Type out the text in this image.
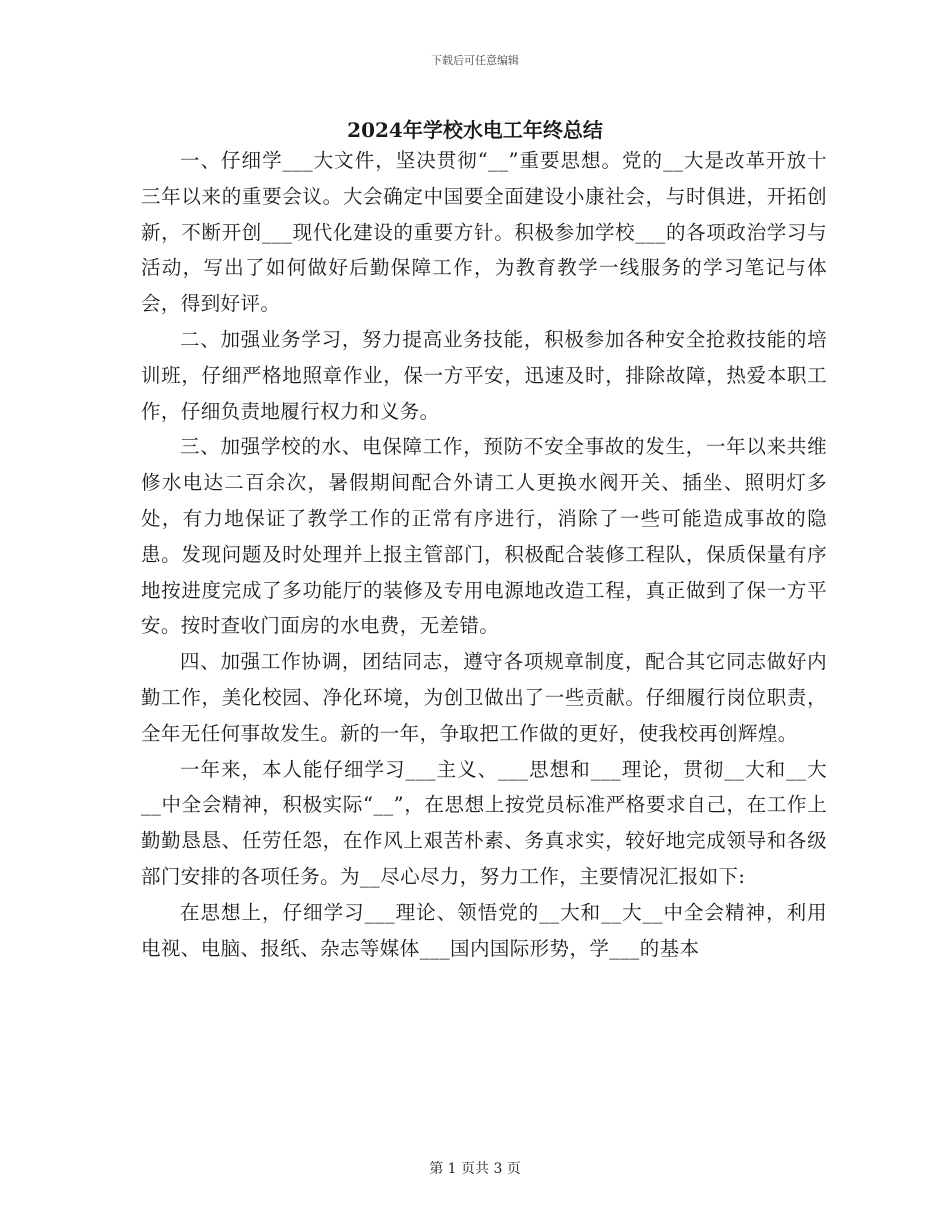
下载后可任意编辑
2024年学校水电工年终总结

一、仔细学___大文件，坚决贯彻“__”重要思想。党的__大是改革开放十三年以来的重要会议。大会确定中国要全面建设小康社会，与时俱进，开拓创新，不断开创___现代化建设的重要方针。积极参加学校___的各项政治学习与活动，写出了如何做好后勤保障工作，为教育教学一线服务的学习笔记与体会，得到好评。

二、加强业务学习，努力提高业务技能，积极参加各种安全抢救技能的培训班，仔细严格地照章作业，保一方平安，迅速及时，排除故障，热爱本职工作，仔细负责地履行权力和义务。

三、加强学校的水、电保障工作，预防不安全事故的发生，一年以来共维修水电达二百余次，暑假期间配合外请工人更换水阀开关、插坐、照明灯多处，有力地保证了教学工作的正常有序进行，消除了一些可能造成事故的隐患。发现问题及时处理并上报主管部门，积极配合装修工程队，保质保量有序地按进度完成了多功能厅的装修及专用电源地改造工程，真正做到了保一方平安。按时查收门面房的水电费，无差错。

四、加强工作协调，团结同志，遵守各项规章制度，配合其它同志做好内勤工作，美化校园、净化环境，为创卫做出了一些贡献。仔细履行岗位职责，全年无任何事故发生。新的一年，争取把工作做的更好，使我校再创辉煌。

一年来，本人能仔细学习___主义、___思想和___理论，贯彻__大和__大__中全会精神，积极实际“__”，在思想上按党员标准严格要求自己，在工作上勤勤恳恳、任劳任怨，在作风上艰苦朴素、务真求实，较好地完成领导和各级部门安排的各项任务。为__尽心尽力，努力工作，主要情况汇报如下:

在思想上，仔细学习___理论、领悟党的__大和__大__中全会精神，利用电视、电脑、报纸、杂志等媒体___国内国际形势，学___的基本

第 1 页共 3 页
